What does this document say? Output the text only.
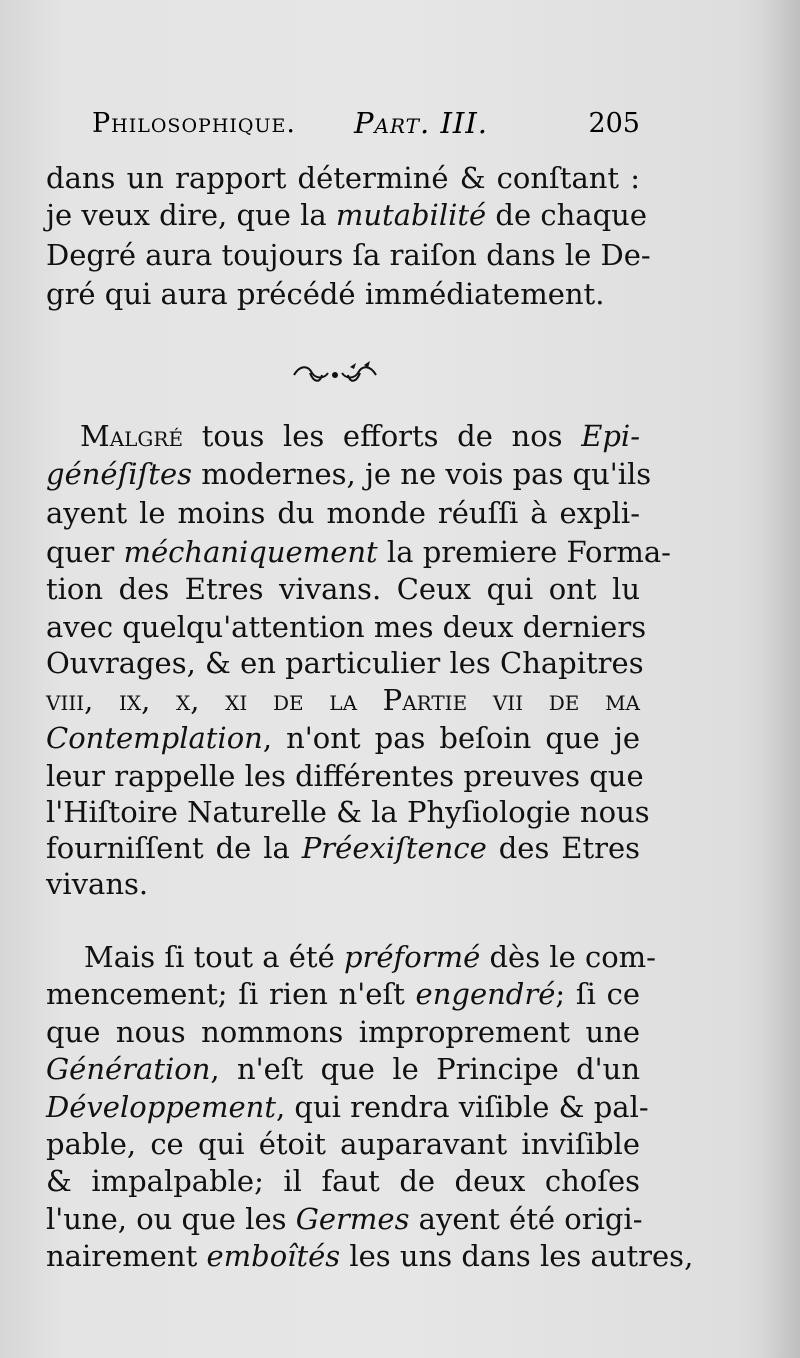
Philosophique. Part. III.	205
dans un rapport déterminé & conſtant :
je veux dire, que la mutabilité de chaque
Degré aura toujours ſa raiſon dans le De-
gré qui aura précédé immédiatement.
Malgré tous les efforts de nos Epi-
généſiſtes modernes, je ne vois pas qu'ils
ayent le moins du monde réuſſi à expli-
quer méchaniquement la premiere Forma-
tion des Etres vivans. Ceux qui ont lu
avec quelqu'attention mes deux derniers
Ouvrages, & en particulier les Chapitres
viii, ix, x, xi de la Partie vii de ma
Contemplation, n'ont pas beſoin que je
leur rappelle les différentes preuves que
l'Hiſtoire Naturelle & la Phyſiologie nous
fourniſſent de la Préexiſtence des Etres
vivans.
Mais ſi tout a été préformé dès le com-
mencement; ſi rien n'eſt engendré; ſi ce
que nous nommons improprement une
Génération, n'eſt que le Principe d'un
Développement, qui rendra viſible & pal-
pable, ce qui étoit auparavant inviſible
& impalpable; il faut de deux choſes
l'une, ou que les Germes ayent été origi-
nairement emboîtés les uns dans les autres,
